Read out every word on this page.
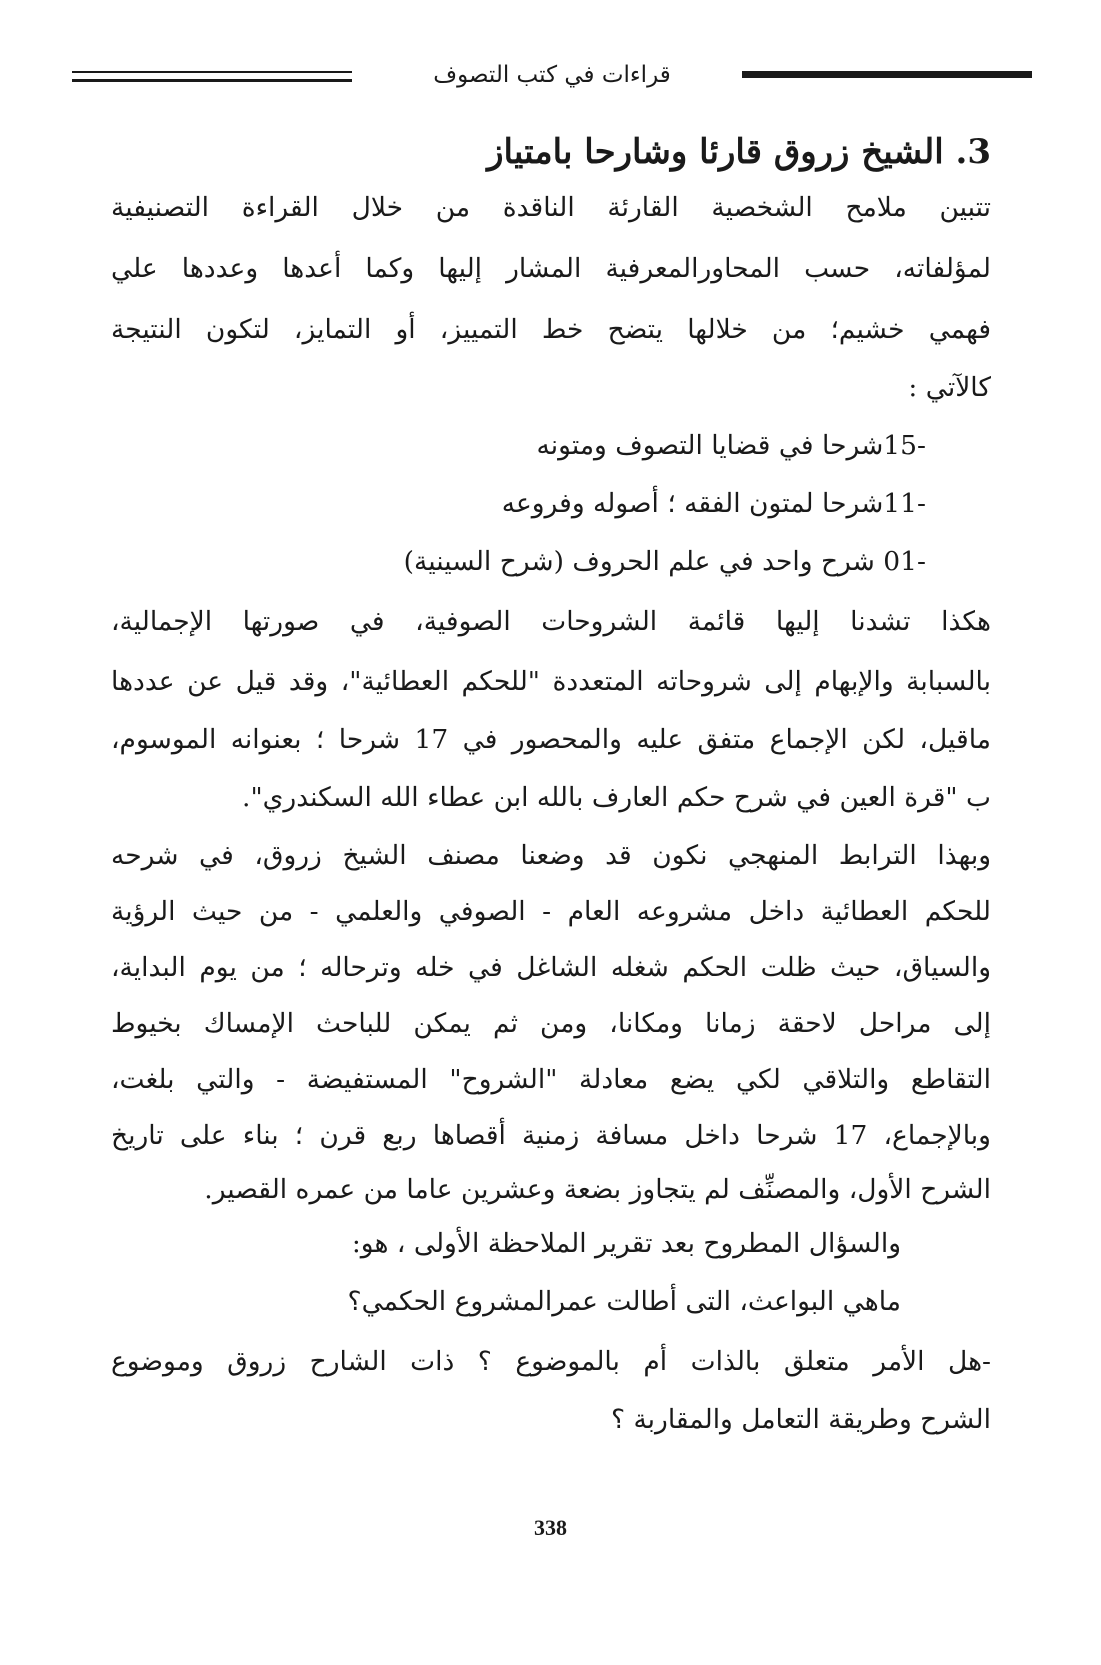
قراءات في كتب التصوف
3. الشيخ زروق قارئا وشارحا بامتياز
تتبين ملامح الشخصية القارئة الناقدة من خلال القراءة التصنيفية
لمؤلفاته، حسب المحاورالمعرفية المشار إليها وكما أعدها وعددها علي
فهمي خشيم؛ من خلالها يتضح خط التمييز، أو التمايز، لتكون النتيجة
كالآتي :
-15شرحا في قضايا التصوف ومتونه
-11شرحا لمتون الفقه ؛ أصوله وفروعه
-01 شرح واحد في علم الحروف (شرح السينية)
هكذا تشدنا إليها قائمة الشروحات الصوفية، في صورتها الإجمالية،
بالسبابة والإبهام إلى شروحاته المتعددة "للحكم العطائية"، وقد قيل عن عددها
ماقيل، لكن الإجماع متفق عليه والمحصور في 17 شرحا ؛ بعنوانه الموسوم،
ب "قرة العين في شرح حكم العارف بالله ابن عطاء الله السكندري".
وبهذا الترابط المنهجي نكون قد وضعنا مصنف الشيخ زروق، في شرحه
للحكم العطائية داخل مشروعه العام - الصوفي والعلمي - من حيث الرؤية
والسياق، حيث ظلت الحكم شغله الشاغل في خله وترحاله ؛ من يوم البداية،
إلى مراحل لاحقة زمانا ومكانا، ومن ثم يمكن للباحث الإمساك بخيوط
التقاطع والتلاقي لكي يضع معادلة "الشروح" المستفيضة - والتي بلغت،
وبالإجماع، 17 شرحا داخل مسافة زمنية أقصاها ربع قرن ؛ بناء على تاريخ
الشرح الأول، والمصنِّف لم يتجاوز بضعة وعشرين عاما من عمره القصير.
والسؤال المطروح بعد تقرير الملاحظة الأولى ، هو:
ماهي البواعث، التى أطالت عمرالمشروع الحكمي؟
-هل الأمر متعلق بالذات أم بالموضوع ؟ ذات الشارح زروق وموضوع
الشرح وطريقة التعامل والمقاربة ؟
338
